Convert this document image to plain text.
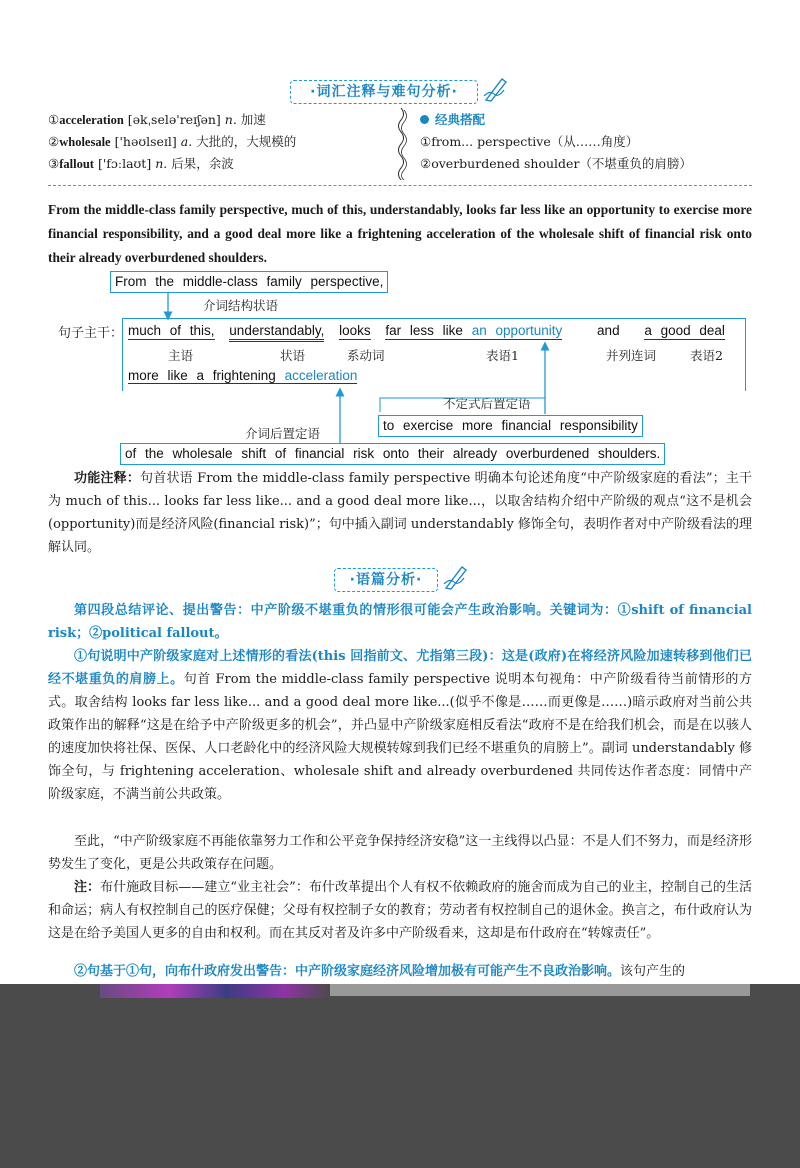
·词汇注释与难句分析·
①acceleration [əkˌselə'reɪʃən] n. 加速
②wholesale ['həʊlseɪl] a. 大批的，大规模的
③fallout ['fɔːlaʊt] n. 后果，余波
经典搭配
①from... perspective（从……角度）
②overburdened shoulder（不堪重负的肩膀）
From the middle-class family perspective, much of this, understandably, looks far less like an opportunity to exercise more financial responsibility, and a good deal more like a frightening acceleration of the wholesale shift of financial risk onto their already overburdened shoulders.
From the middle-class family perspective,
介词结构状语
句子主干： much of this, understandably, looks far less like an opportunity	and a good deal
主语	状语	系动词	表语1	并列连词	表语2
more like a frightening acceleration
不定式后置定语
to exercise more financial responsibility
介词后置定语
of the wholesale shift of financial risk onto their already overburdened shoulders.
功能注释：句首状语 From the middle-class family perspective 明确本句论述角度“中产阶级家庭的看法”；主干为 much of this... looks far less like... and a good deal more like...，以取舍结构介绍中产阶级的观点“这不是机会(opportunity)而是经济风险(financial risk)”；句中插入副词 understandably 修饰全句，表明作者对中产阶级看法的理解认同。
·语篇分析·
第四段总结评论、提出警告：中产阶级不堪重负的情形很可能会产生政治影响。关键词为：①shift of financial risk；②political fallout。
①句说明中产阶级家庭对上述情形的看法(this 回指前文、尤指第三段)：这是(政府)在将经济风险加速转移到他们已经不堪重负的肩膀上。句首 From the middle-class family perspective 说明本句视角：中产阶级看待当前情形的方式。取舍结构 looks far less like... and a good deal more like...(似乎不像是……而更像是……)暗示政府对当前公共政策作出的解释“这是在给予中产阶级更多的机会”，并凸显中产阶级家庭相反看法“政府不是在给我们机会，而是在以骇人的速度加快将社保、医保、人口老龄化中的经济风险大规模转嫁到我们已经不堪重负的肩膀上”。副词 understandably 修饰全句，与 frightening acceleration、wholesale shift and already overburdened 共同传达作者态度：同情中产阶级家庭，不满当前公共政策。
至此，“中产阶级家庭不再能依靠努力工作和公平竞争保持经济安稳”这一主线得以凸显：不是人们不努力，而是经济形势发生了变化，更是公共政策存在问题。
注：布什施政目标——建立“业主社会”：布什改革提出个人有权不依赖政府的施舍而成为自己的业主，控制自己的生活和命运；病人有权控制自己的医疗保健；父母有权控制子女的教育；劳动者有权控制自己的退休金。换言之，布什政府认为这是在给予美国人更多的自由和权利。而在其反对者及许多中产阶级看来，这却是布什政府在“转嫁责任”。
②句基于①句，向布什政府发出警告：中产阶级家庭经济风险增加极有可能产生不良政治影响。该句产生的
